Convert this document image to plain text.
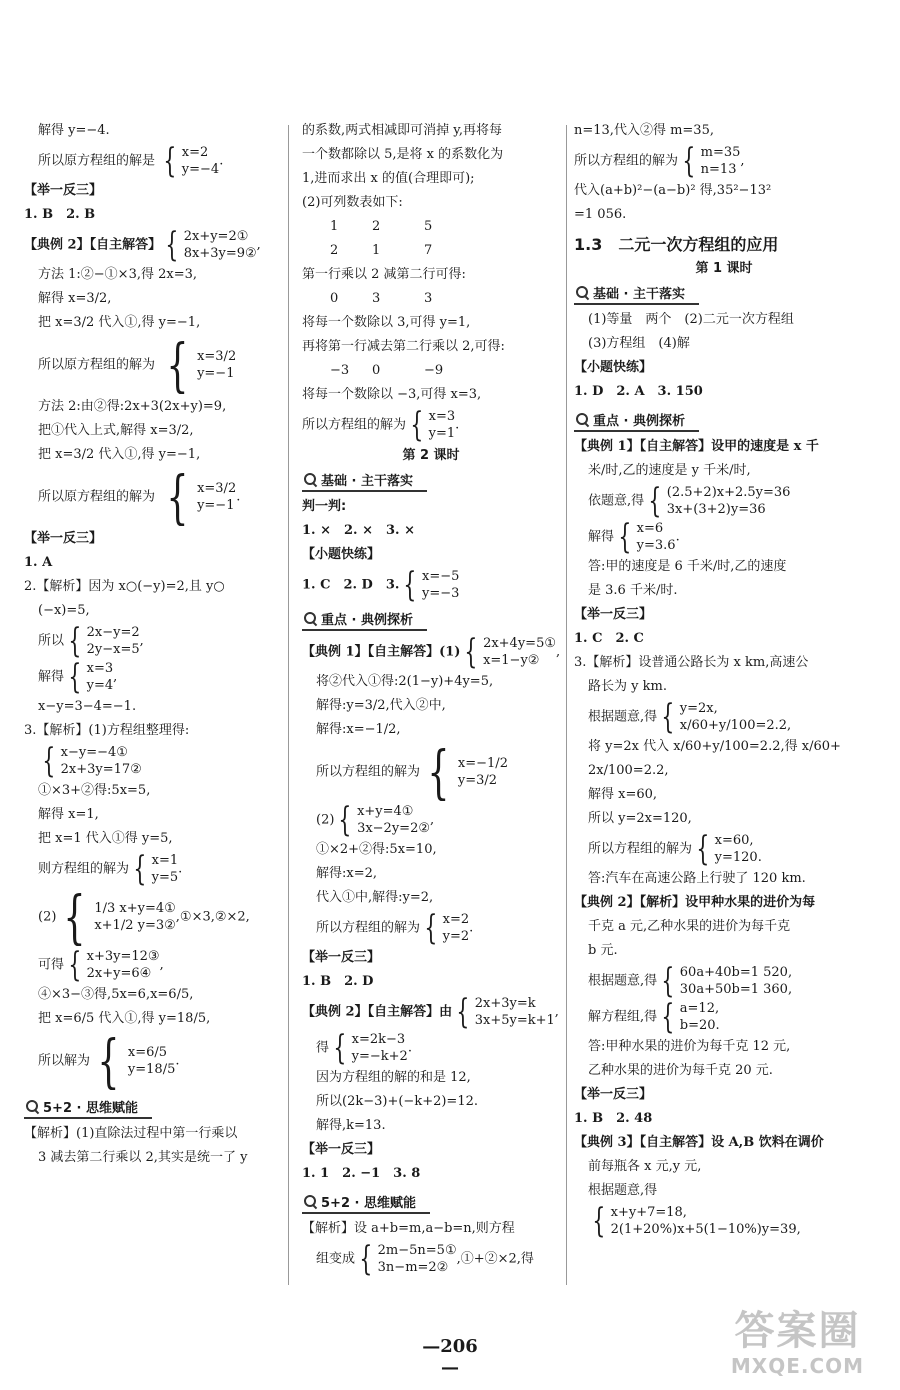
解得 y=−4.
所以原方程组的解是 { x=2
y=−4
.
【举一反三】
1. B　2. B
【典例 2】【自主解答】 { 2x+y=2①
8x+3y=9②
,
方法 1:②−①×3,得 2x=3,
解得 x=3/2,
把 x=3/2 代入①,得 y=−1,
所以原方程组的解为 { x=3/2
y=−1
方法 2:由②得:2x+3(2x+y)=9,
把①代入上式,解得 x=3/2,
把 x=3/2 代入①,得 y=−1,
所以原方程组的解为 { x=3/2
y=−1
.
【举一反三】
1. A
2.【解析】因为 x○(−y)=2,且 y○
(−x)=5,
所以 { 2x−y=2
2y−x=5
,
解得 { x=3
y=4
,
x−y=3−4=−1.
3.【解析】(1)方程组整理得:
{ x−y=−4①
2x+3y=17②
①×3+②得:5x=5,
解得 x=1,
把 x=1 代入①得 y=5,
则方程组的解为 { x=1
y=5
.
(2) { 1/3 x+y=4①
x+1/2 y=3②
,①×3,②×2,
可得 { x+3y=12③
2x+y=6④
,
④×3−③得,5x=6,x=6/5,
把 x=6/5 代入①,得 y=18/5,
所以解为 { x=6/5
y=18/5
.
5+2 · 思维赋能
【解析】(1)直除法过程中第一行乘以
3 减去第二行乘以 2,其实是统一了 y
的系数,两式相减即可消掉 y,再将每
一个数都除以 5,是将 x 的系数化为
1,进而求出 x 的值(合理即可);
(2)可列数表如下:
1	2	5
2	1	7
第一行乘以 2 减第二行可得:
0	3	3
将每一个数除以 3,可得 y=1,
再将第一行减去第二行乘以 2,可得:
−3 0	−9
将每一个数除以 −3,可得 x=3,
所以方程组的解为 { x=3
y=1
.
第 2 课时
基础 · 主干落实
判一判:
1. ×　2. ×　3. ×
【小题快练】
1. C　2. D　3. { x=−5
y=−3
重点 · 典例探析
【典例 1】【自主解答】(1) { 2x+4y=5①
x=1−y②
,
将②代入①得:2(1−y)+4y=5,
解得:y=3/2,代入②中,
解得:x=−1/2,
所以方程组的解为 { x=−1/2
y=3/2
(2) { x+y=4①
3x−2y=2②
,
①×2+②得:5x=10,
解得:x=2,
代入①中,解得:y=2,
所以方程组的解为 { x=2
y=2
.
【举一反三】
1. B　2. D
【典例 2】【自主解答】由 { 2x+3y=k
3x+5y=k+1
,
得 { x=2k−3
y=−k+2
.
因为方程组的解的和是 12,
所以(2k−3)+(−k+2)=12.
解得,k=13.
【举一反三】
1. 1　2. −1　3. 8
5+2 · 思维赋能
【解析】设 a+b=m,a−b=n,则方程
组变成 { 2m−5n=5①
3n−m=2②
,①+②×2,得
n=13,代入②得 m=35,
所以方程组的解为 { m=35
n=13
,
代入(a+b)²−(a−b)² 得,35²−13²
=1 056.
1.3　二元一次方程组的应用
第 1 课时
基础 · 主干落实
(1)等量　两个　(2)二元一次方程组
(3)方程组　(4)解
【小题快练】
1. D　2. A　3. 150
重点 · 典例探析
【典例 1】【自主解答】设甲的速度是 x 千
米/时,乙的速度是 y 千米/时,
依题意,得 { (2.5+2)x+2.5y=36
3x+(3+2)y=36
解得 { x=6
y=3.6
.
答:甲的速度是 6 千米/时,乙的速度
是 3.6 千米/时.
【举一反三】
1. C　2. C
3.【解析】设普通公路长为 x km,高速公
路长为 y km.
根据题意,得 { y=2x,
x/60+y/100=2.2,
将 y=2x 代入 x/60+y/100=2.2,得 x/60+
2x/100=2.2,
解得 x=60,
所以 y=2x=120,
所以方程组的解为 { x=60,
y=120.
答:汽车在高速公路上行驶了 120 km.
【典例 2】【解析】设甲种水果的进价为每
千克 a 元,乙种水果的进价为每千克
b 元.
根据题意,得 { 60a+40b=1 520,
30a+50b=1 360,
解方程组,得 { a=12,
b=20.
答:甲种水果的进价为每千克 12 元,
乙种水果的进价为每千克 20 元.
【举一反三】
1. B　2. 48
【典例 3】【自主解答】设 A,B 饮料在调价
前每瓶各 x 元,y 元,
根据题意,得
{ x+y+7=18,
2(1+20%)x+5(1−10%)y=39,
—206—
答案圈
MXQE.COM
